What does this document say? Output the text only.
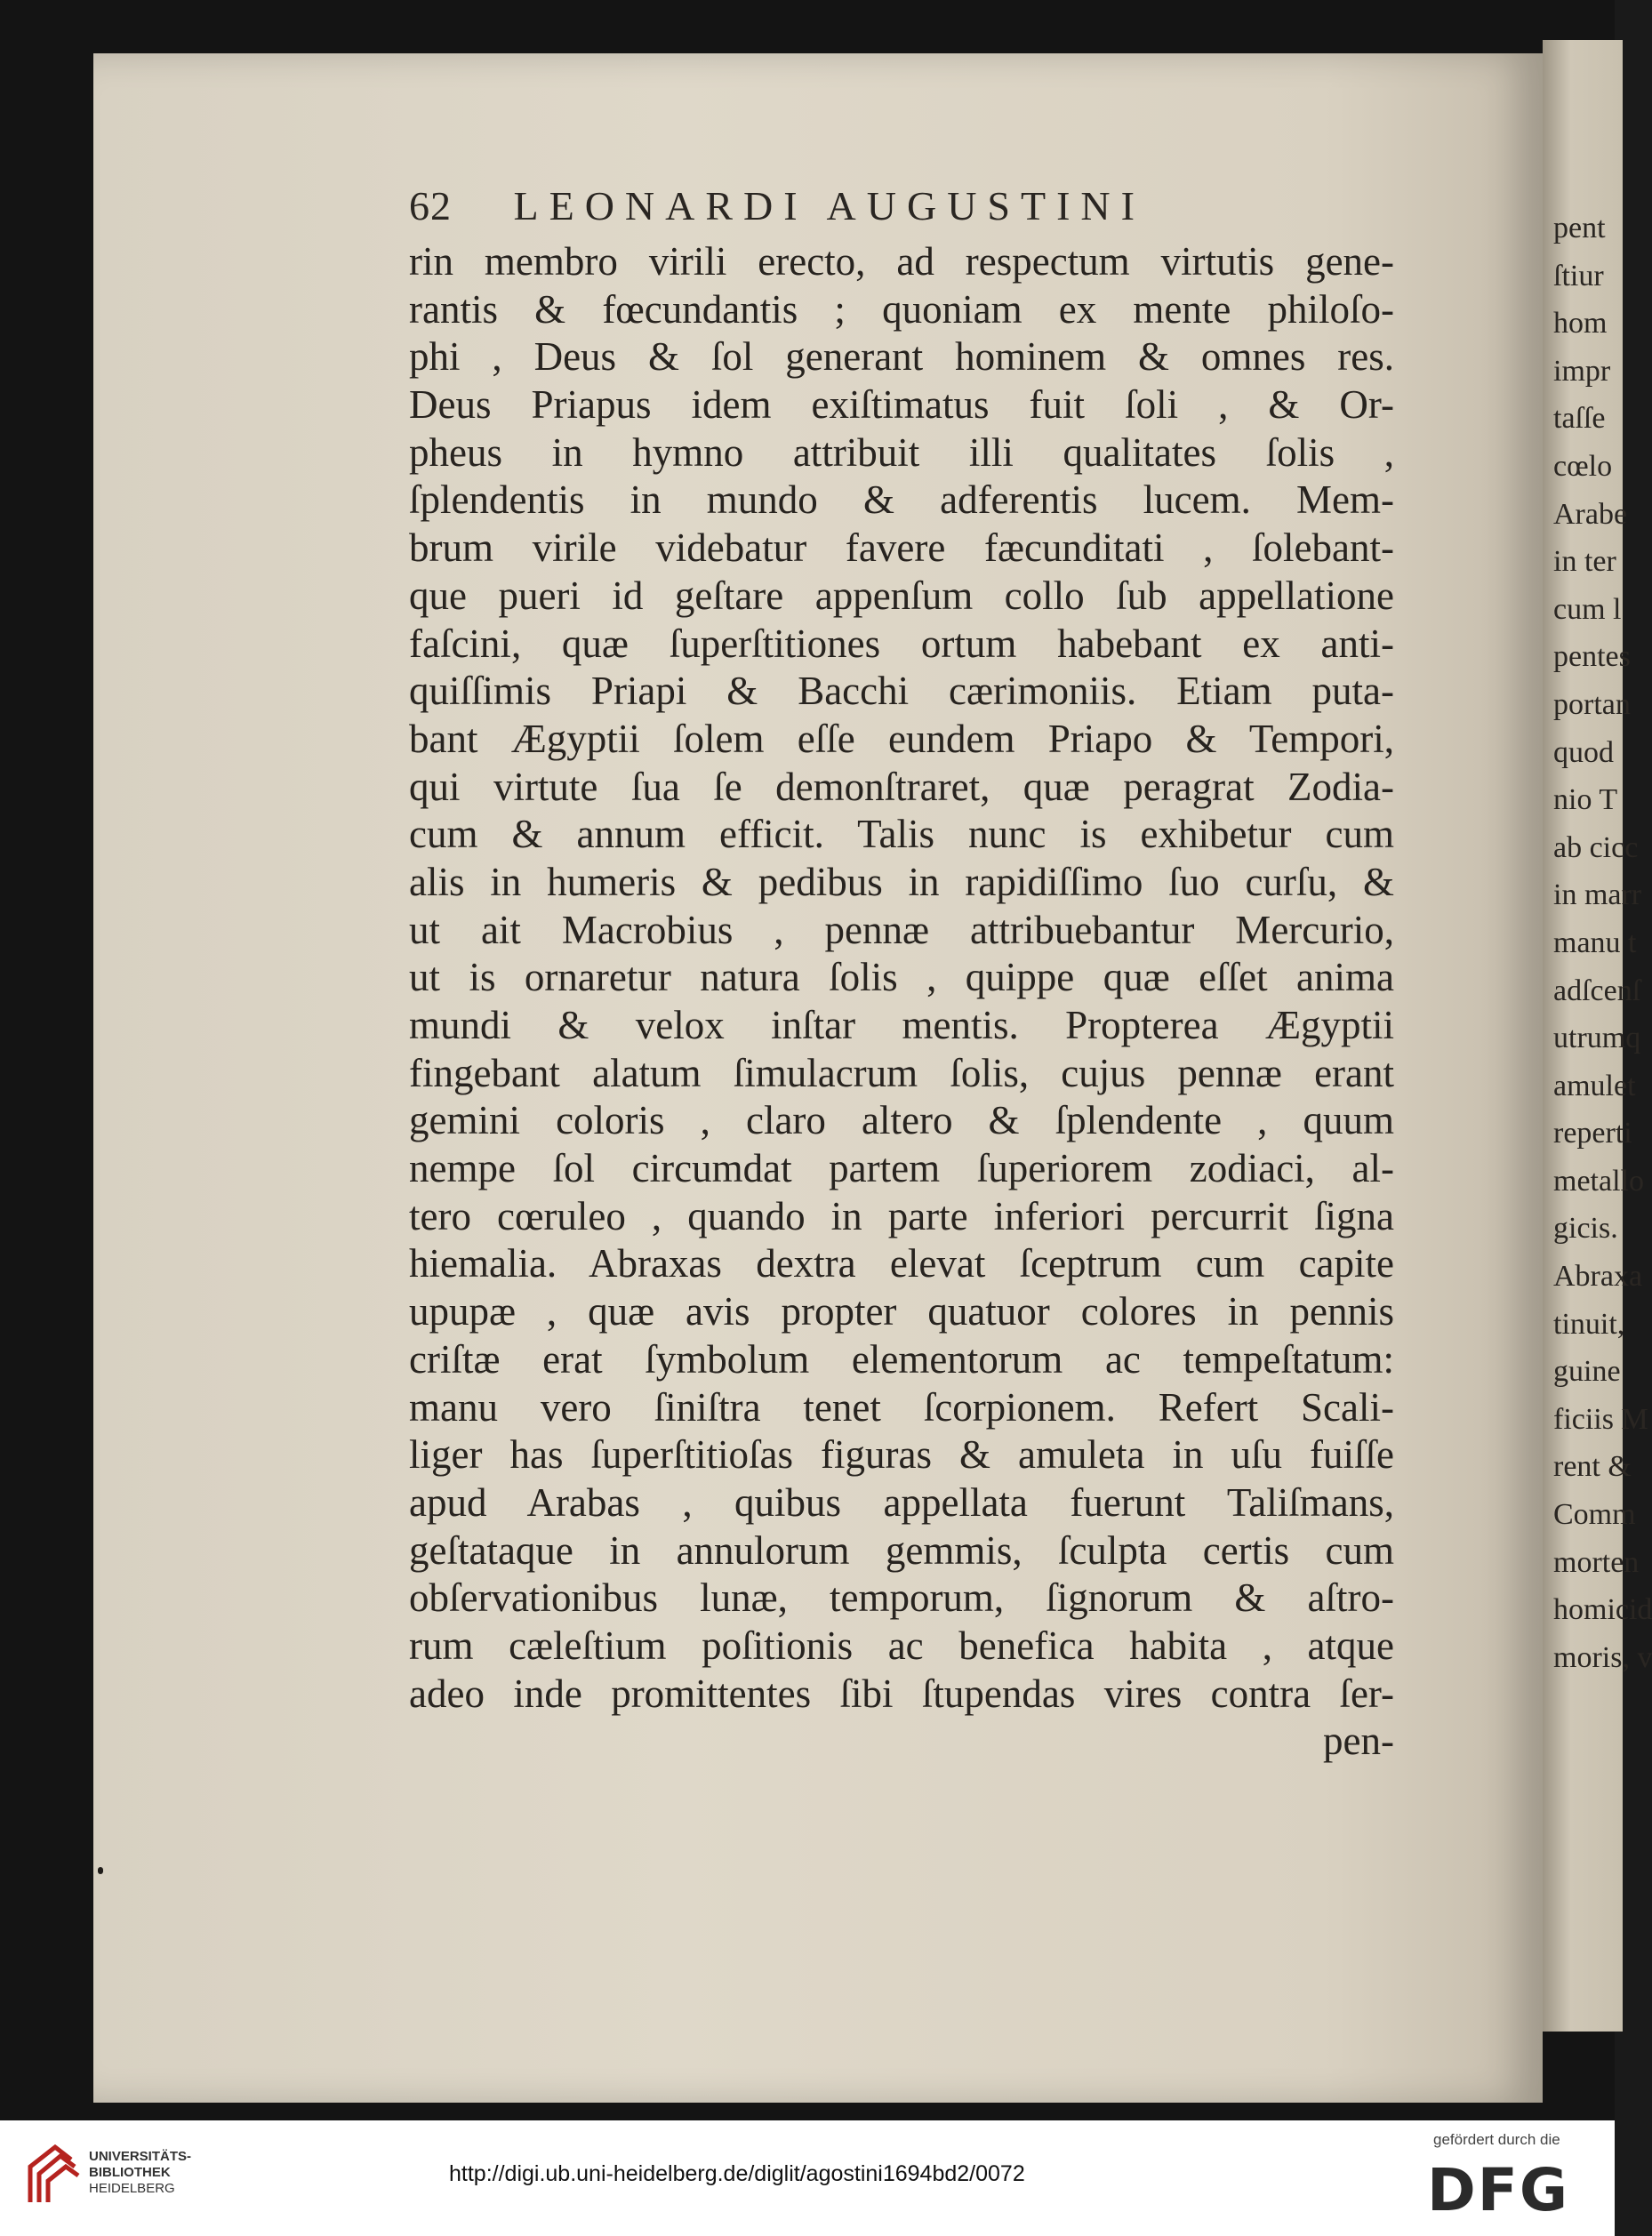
pent
ſtiur
hom
impr
taſſe
cœlo
Arabe
in ter
cum l
pentes
portan
quod
nio T
ab cicc
in marr
manu t
adſcenſ
utrumq
amulet
reperti
metallo
gicis.
Abraxa
tinuit,
guine
ficiis M
rent &
Comm
morten
homicid
moris, v
62 LEONARDI AUGUSTINI
rin membro virili erecto, ad respectum virtutis gene-
rantis & fœcundantis ; quoniam ex mente philoſo-
phi , Deus & ſol generant hominem & omnes res.
Deus Priapus idem exiſtimatus fuit ſoli , & Or-
pheus in hymno attribuit illi qualitates ſolis ,
ſplendentis in mundo & adferentis lucem. Mem-
brum virile videbatur favere fæcunditati , ſolebant-
que pueri id geſtare appenſum collo ſub appellatione
faſcini, quæ ſuperſtitiones ortum habebant ex anti-
quiſſimis Priapi & Bacchi cærimoniis. Etiam puta-
bant Ægyptii ſolem eſſe eundem Priapo & Tempori,
qui virtute ſua ſe demonſtraret, quæ peragrat Zodia-
cum & annum efficit. Talis nunc is exhibetur cum
alis in humeris & pedibus in rapidiſſimo ſuo curſu, &
ut ait Macrobius , pennæ attribuebantur Mercurio,
ut is ornaretur natura ſolis , quippe quæ eſſet anima
mundi & velox inſtar mentis. Propterea Ægyptii
fingebant alatum ſimulacrum ſolis, cujus pennæ erant
gemini coloris , claro altero & ſplendente , quum
nempe ſol circumdat partem ſuperiorem zodiaci, al-
tero cœruleo , quando in parte inferiori percurrit ſigna
hiemalia. Abraxas dextra elevat ſceptrum cum capite
upupæ , quæ avis propter quatuor colores in pennis
criſtæ erat ſymbolum elementorum ac tempeſtatum:
manu vero ſiniſtra tenet ſcorpionem. Refert Scali-
liger has ſuperſtitioſas figuras & amuleta in uſu fuiſſe
apud Arabas , quibus appellata fuerunt Taliſmans,
geſtataque in annulorum gemmis, ſculpta certis cum
obſervationibus lunæ, temporum, ſignorum & aſtro-
rum cæleſtium poſitionis ac benefica habita , atque
adeo inde promittentes ſibi ſtupendas vires contra ſer-
pen-
UNIVERSITÄTS-
BIBLIOTHEK
HEIDELBERG
http://digi.ub.uni-heidelberg.de/diglit/agostini1694bd2/0072
gefördert durch die
DFG
